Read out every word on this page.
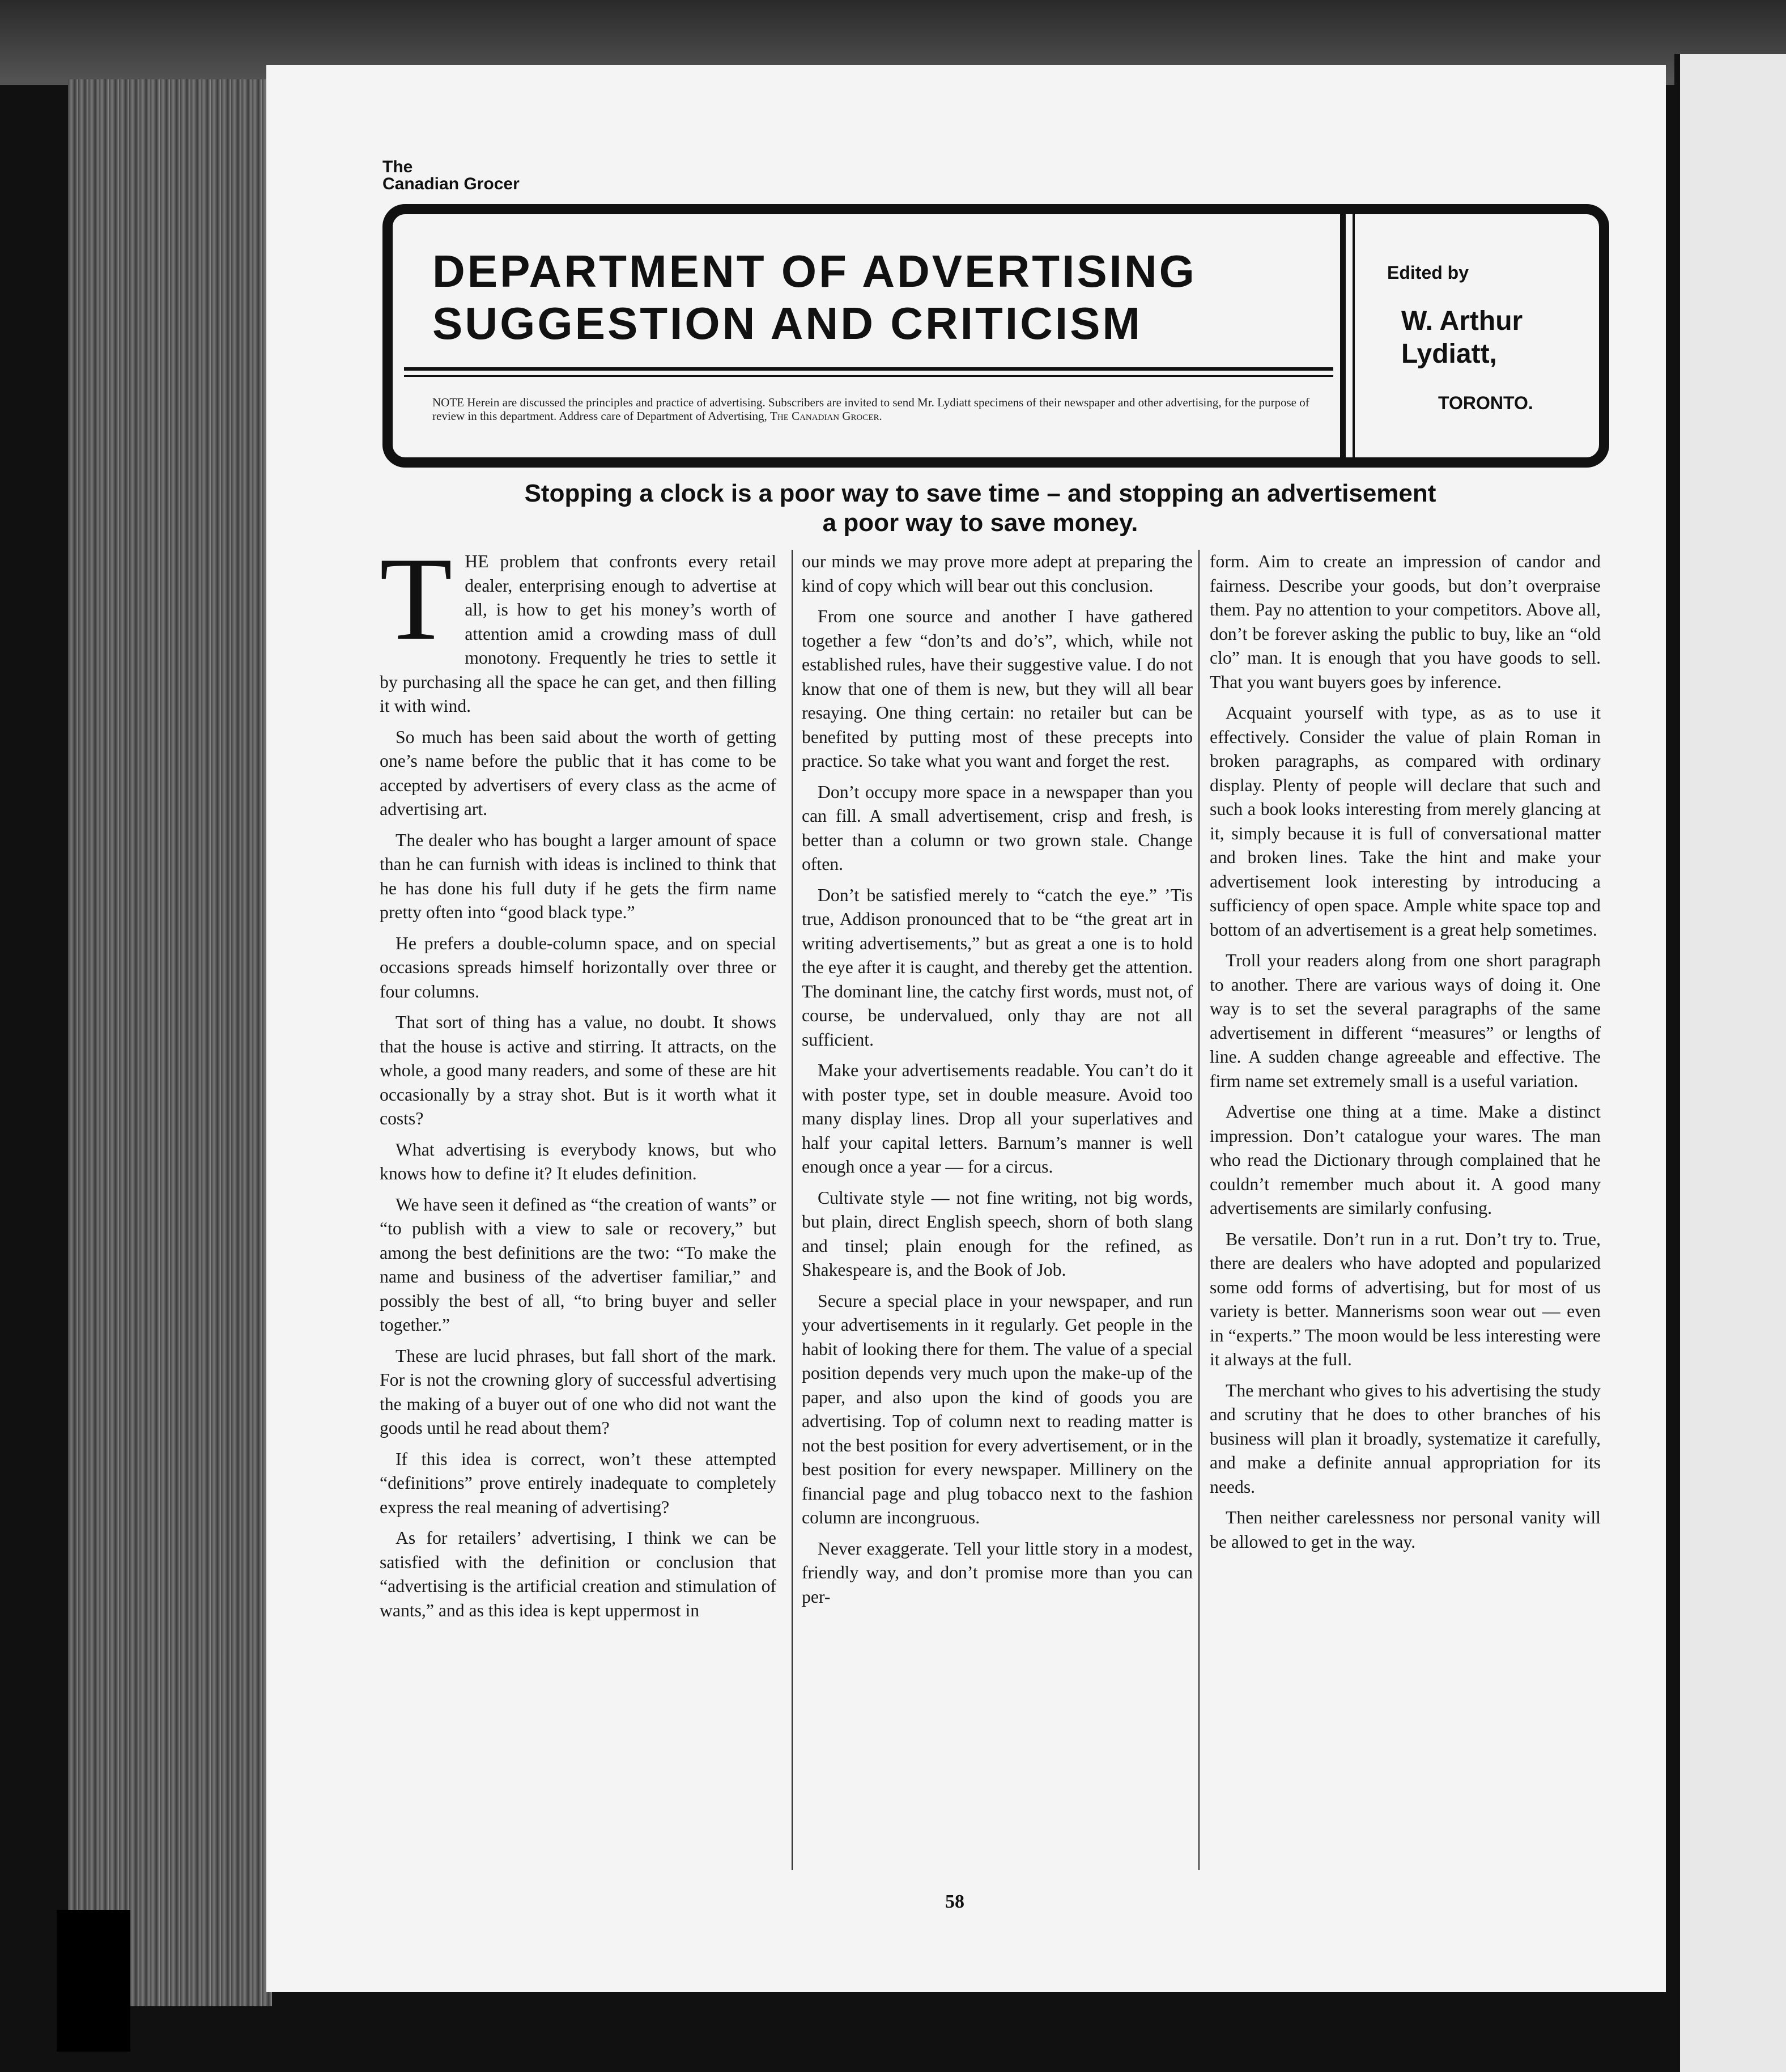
The
Canadian Grocer
DEPARTMENT OF ADVERTISING
SUGGESTION AND CRITICISM
NOTE Herein are discussed the principles and practice of advertising. Subscribers are invited to send Mr. Lydiatt specimens of their newspaper and other advertising, for the purpose of review in this department. Address care of Department of Advertising, The Canadian Grocer.
Edited by
W. Arthur
Lydiatt,
TORONTO.
Stopping a clock is a poor way to save time – and stopping an advertisement
a poor way to save money.
T HE problem that confronts every retail dealer, enterprising enough to advertise at all, is how to get his money’s worth of attention amid a crowding mass of dull monotony. Frequently he tries to settle it by purchasing all the space he can get, and then filling it with wind.

So much has been said about the worth of getting one’s name before the public that it has come to be accepted by advertisers of every class as the acme of advertising art.

The dealer who has bought a larger amount of space than he can furnish with ideas is inclined to think that he has done his full duty if he gets the firm name pretty often into “good black type.”

He prefers a double-column space, and on special occasions spreads himself horizontally over three or four columns.

That sort of thing has a value, no doubt. It shows that the house is active and stirring. It attracts, on the whole, a good many readers, and some of these are hit occasionally by a stray shot. But is it worth what it costs?

What advertising is everybody knows, but who knows how to define it? It eludes definition.

We have seen it defined as “the creation of wants” or “to publish with a view to sale or recovery,” but among the best definitions are the two: “To make the name and business of the advertiser familiar,” and possibly the best of all, “to bring buyer and seller together.”

These are lucid phrases, but fall short of the mark. For is not the crowning glory of successful advertising the making of a buyer out of one who did not want the goods until he read about them?

If this idea is correct, won’t these attempted “definitions” prove entirely inadequate to completely express the real meaning of advertising?

As for retailers’ advertising, I think we can be satisfied with the definition or conclusion that “advertising is the artificial creation and stimulation of wants,” and as this idea is kept uppermost in

our minds we may prove more adept at preparing the kind of copy which will bear out this conclusion.

From one source and another I have gathered together a few “don’ts and do’s”, which, while not established rules, have their suggestive value. I do not know that one of them is new, but they will all bear resaying. One thing certain: no retailer but can be benefited by putting most of these precepts into practice. So take what you want and forget the rest.

Don’t occupy more space in a newspaper than you can fill. A small advertisement, crisp and fresh, is better than a column or two grown stale. Change often.

Don’t be satisfied merely to “catch the eye.” ’Tis true, Addison pronounced that to be “the great art in writing advertisements,” but as great a one is to hold the eye after it is caught, and thereby get the attention. The dominant line, the catchy first words, must not, of course, be undervalued, only thay are not all sufficient.

Make your advertisements readable. You can’t do it with poster type, set in double measure. Avoid too many display lines. Drop all your superlatives and half your capital letters. Barnum’s manner is well enough once a year — for a circus.

Cultivate style — not fine writing, not big words, but plain, direct English speech, shorn of both slang and tinsel; plain enough for the refined, as Shakespeare is, and the Book of Job.

Secure a special place in your newspaper, and run your advertisements in it regularly. Get people in the habit of looking there for them. The value of a special position depends very much upon the make-up of the paper, and also upon the kind of goods you are advertising. Top of column next to reading matter is not the best position for every advertisement, or in the best position for every newspaper. Millinery on the financial page and plug tobacco next to the fashion column are incongruous.

Never exaggerate. Tell your little story in a modest, friendly way, and don’t promise more than you can per-

form. Aim to create an impression of candor and fairness. Describe your goods, but don’t overpraise them. Pay no attention to your competitors. Above all, don’t be forever asking the public to buy, like an “old clo” man. It is enough that you have goods to sell. That you want buyers goes by inference.

Acquaint yourself with type, as as to use it effectively. Consider the value of plain Roman in broken paragraphs, as compared with ordinary display. Plenty of people will declare that such and such a book looks interesting from merely glancing at it, simply because it is full of conversational matter and broken lines. Take the hint and make your advertisement look interesting by introducing a sufficiency of open space. Ample white space top and bottom of an advertisement is a great help sometimes.

Troll your readers along from one short paragraph to another. There are various ways of doing it. One way is to set the several paragraphs of the same advertisement in different “measures” or lengths of line. A sudden change agreeable and effective. The firm name set extremely small is a useful variation.

Advertise one thing at a time. Make a distinct impression. Don’t catalogue your wares. The man who read the Dictionary through complained that he couldn’t remember much about it. A good many advertisements are similarly confusing.

Be versatile. Don’t run in a rut. Don’t try to. True, there are dealers who have adopted and popularized some odd forms of advertising, but for most of us variety is better. Mannerisms soon wear out — even in “experts.” The moon would be less interesting were it always at the full.

The merchant who gives to his advertising the study and scrutiny that he does to other branches of his business will plan it broadly, systematize it carefully, and make a definite annual appropriation for its needs.

Then neither carelessness nor personal vanity will be allowed to get in the way.

58
